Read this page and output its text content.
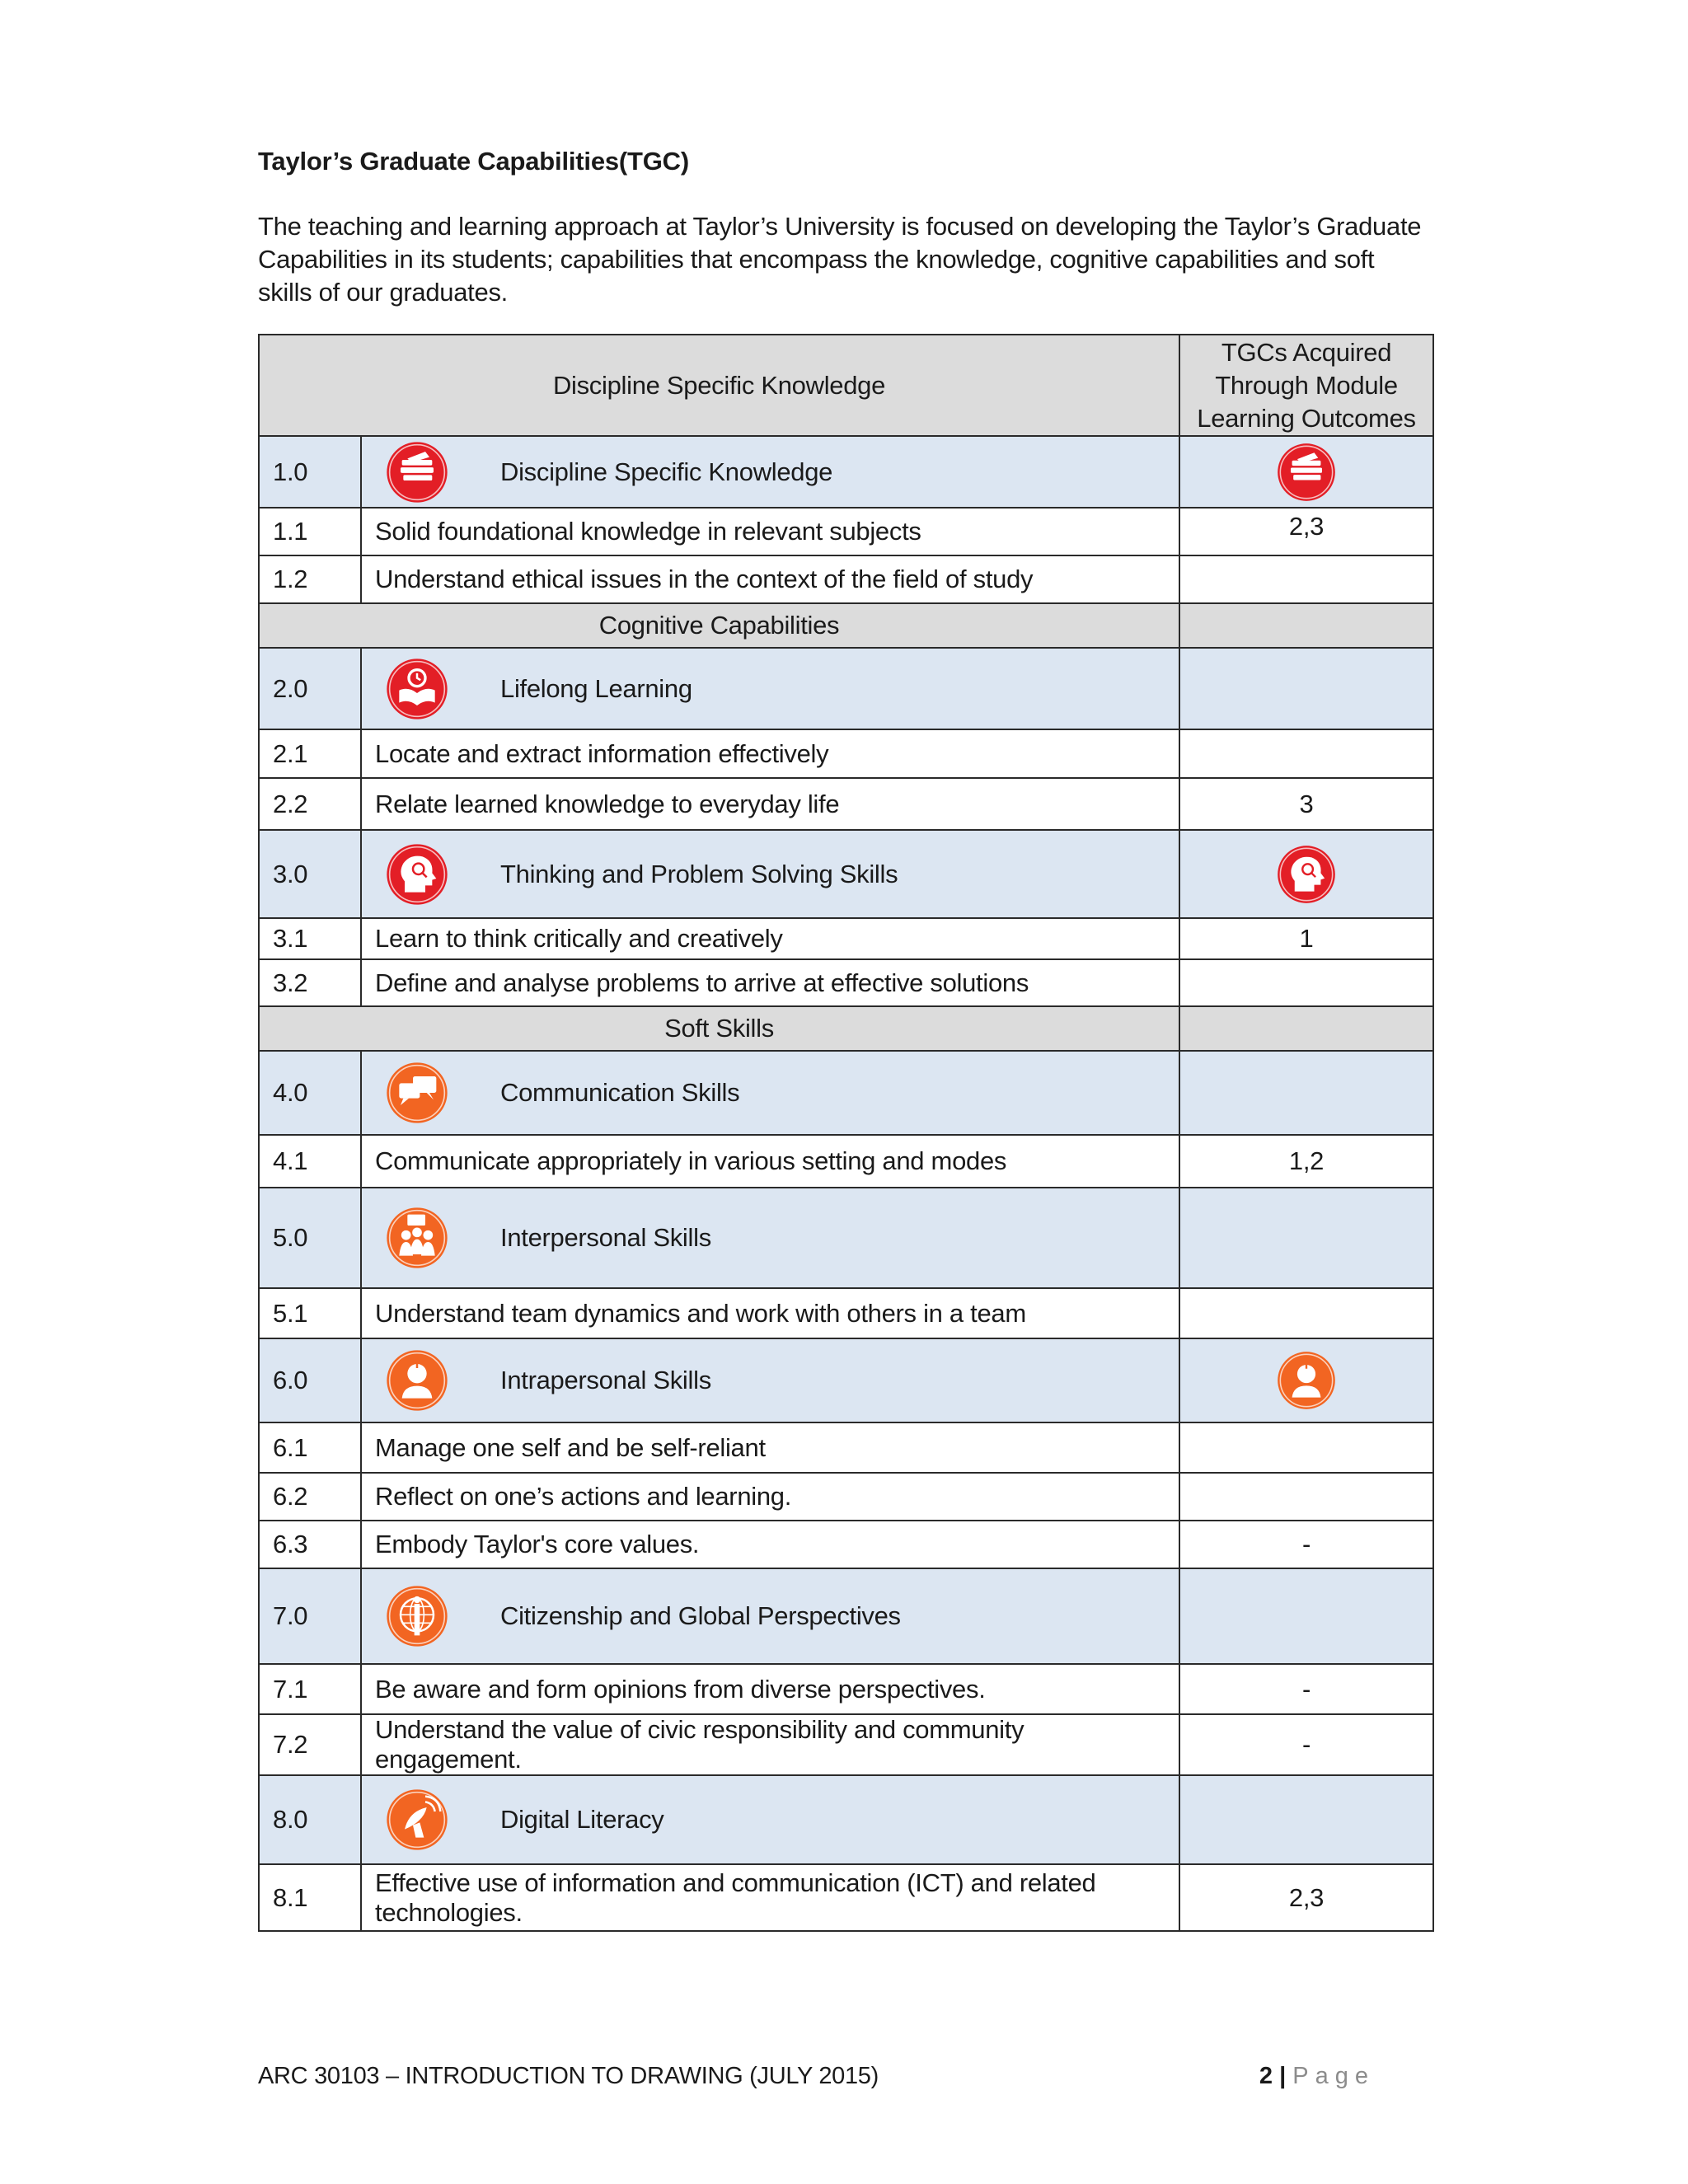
Taylor’s Graduate Capabilities(TGC)
The teaching and learning approach at Taylor’s University is focused on developing the Taylor’s Graduate Capabilities in its students; capabilities that encompass the knowledge, cognitive capabilities and soft skills of our graduates.
Discipline Specific Knowledge		TGCs Acquired Through Module Learning Outcomes
1.0	Discipline Specific Knowledge

1.1	Solid foundational knowledge in relevant subjects	2,3
1.2	Understand ethical issues in the context of the field of study	
Cognitive Capabilities		
2.0	Lifelong Learning	

2.1	Locate and extract information effectively	
2.2	Relate learned knowledge to everyday life	3
3.0	Thinking and Problem Solving Skills

3.1	Learn to think critically and creatively	1
3.2	Define and analyse problems to arrive at effective solutions	
Soft Skills		
4.0	Communication Skills	

4.1	Communicate appropriately in various setting and modes	1,2
5.0	Interpersonal Skills	

5.1	Understand team dynamics and work with others in a team	
6.0	Intrapersonal Skills

6.1	Manage one self and be self-reliant	
6.2	Reflect on one’s actions and learning.	
6.3	Embody Taylor's core values.	-
7.0	Citizenship and Global Perspectives	

7.1	Be aware and form opinions from diverse perspectives.	-
7.2	Understand the value of civic responsibility and community engagement.	-
8.0	Digital Literacy	

8.1	Effective use of information and communication (ICT) and related technologies.	2,3
ARC 30103 – INTRODUCTION TO DRAWING (JULY 2015)	2 | Page
